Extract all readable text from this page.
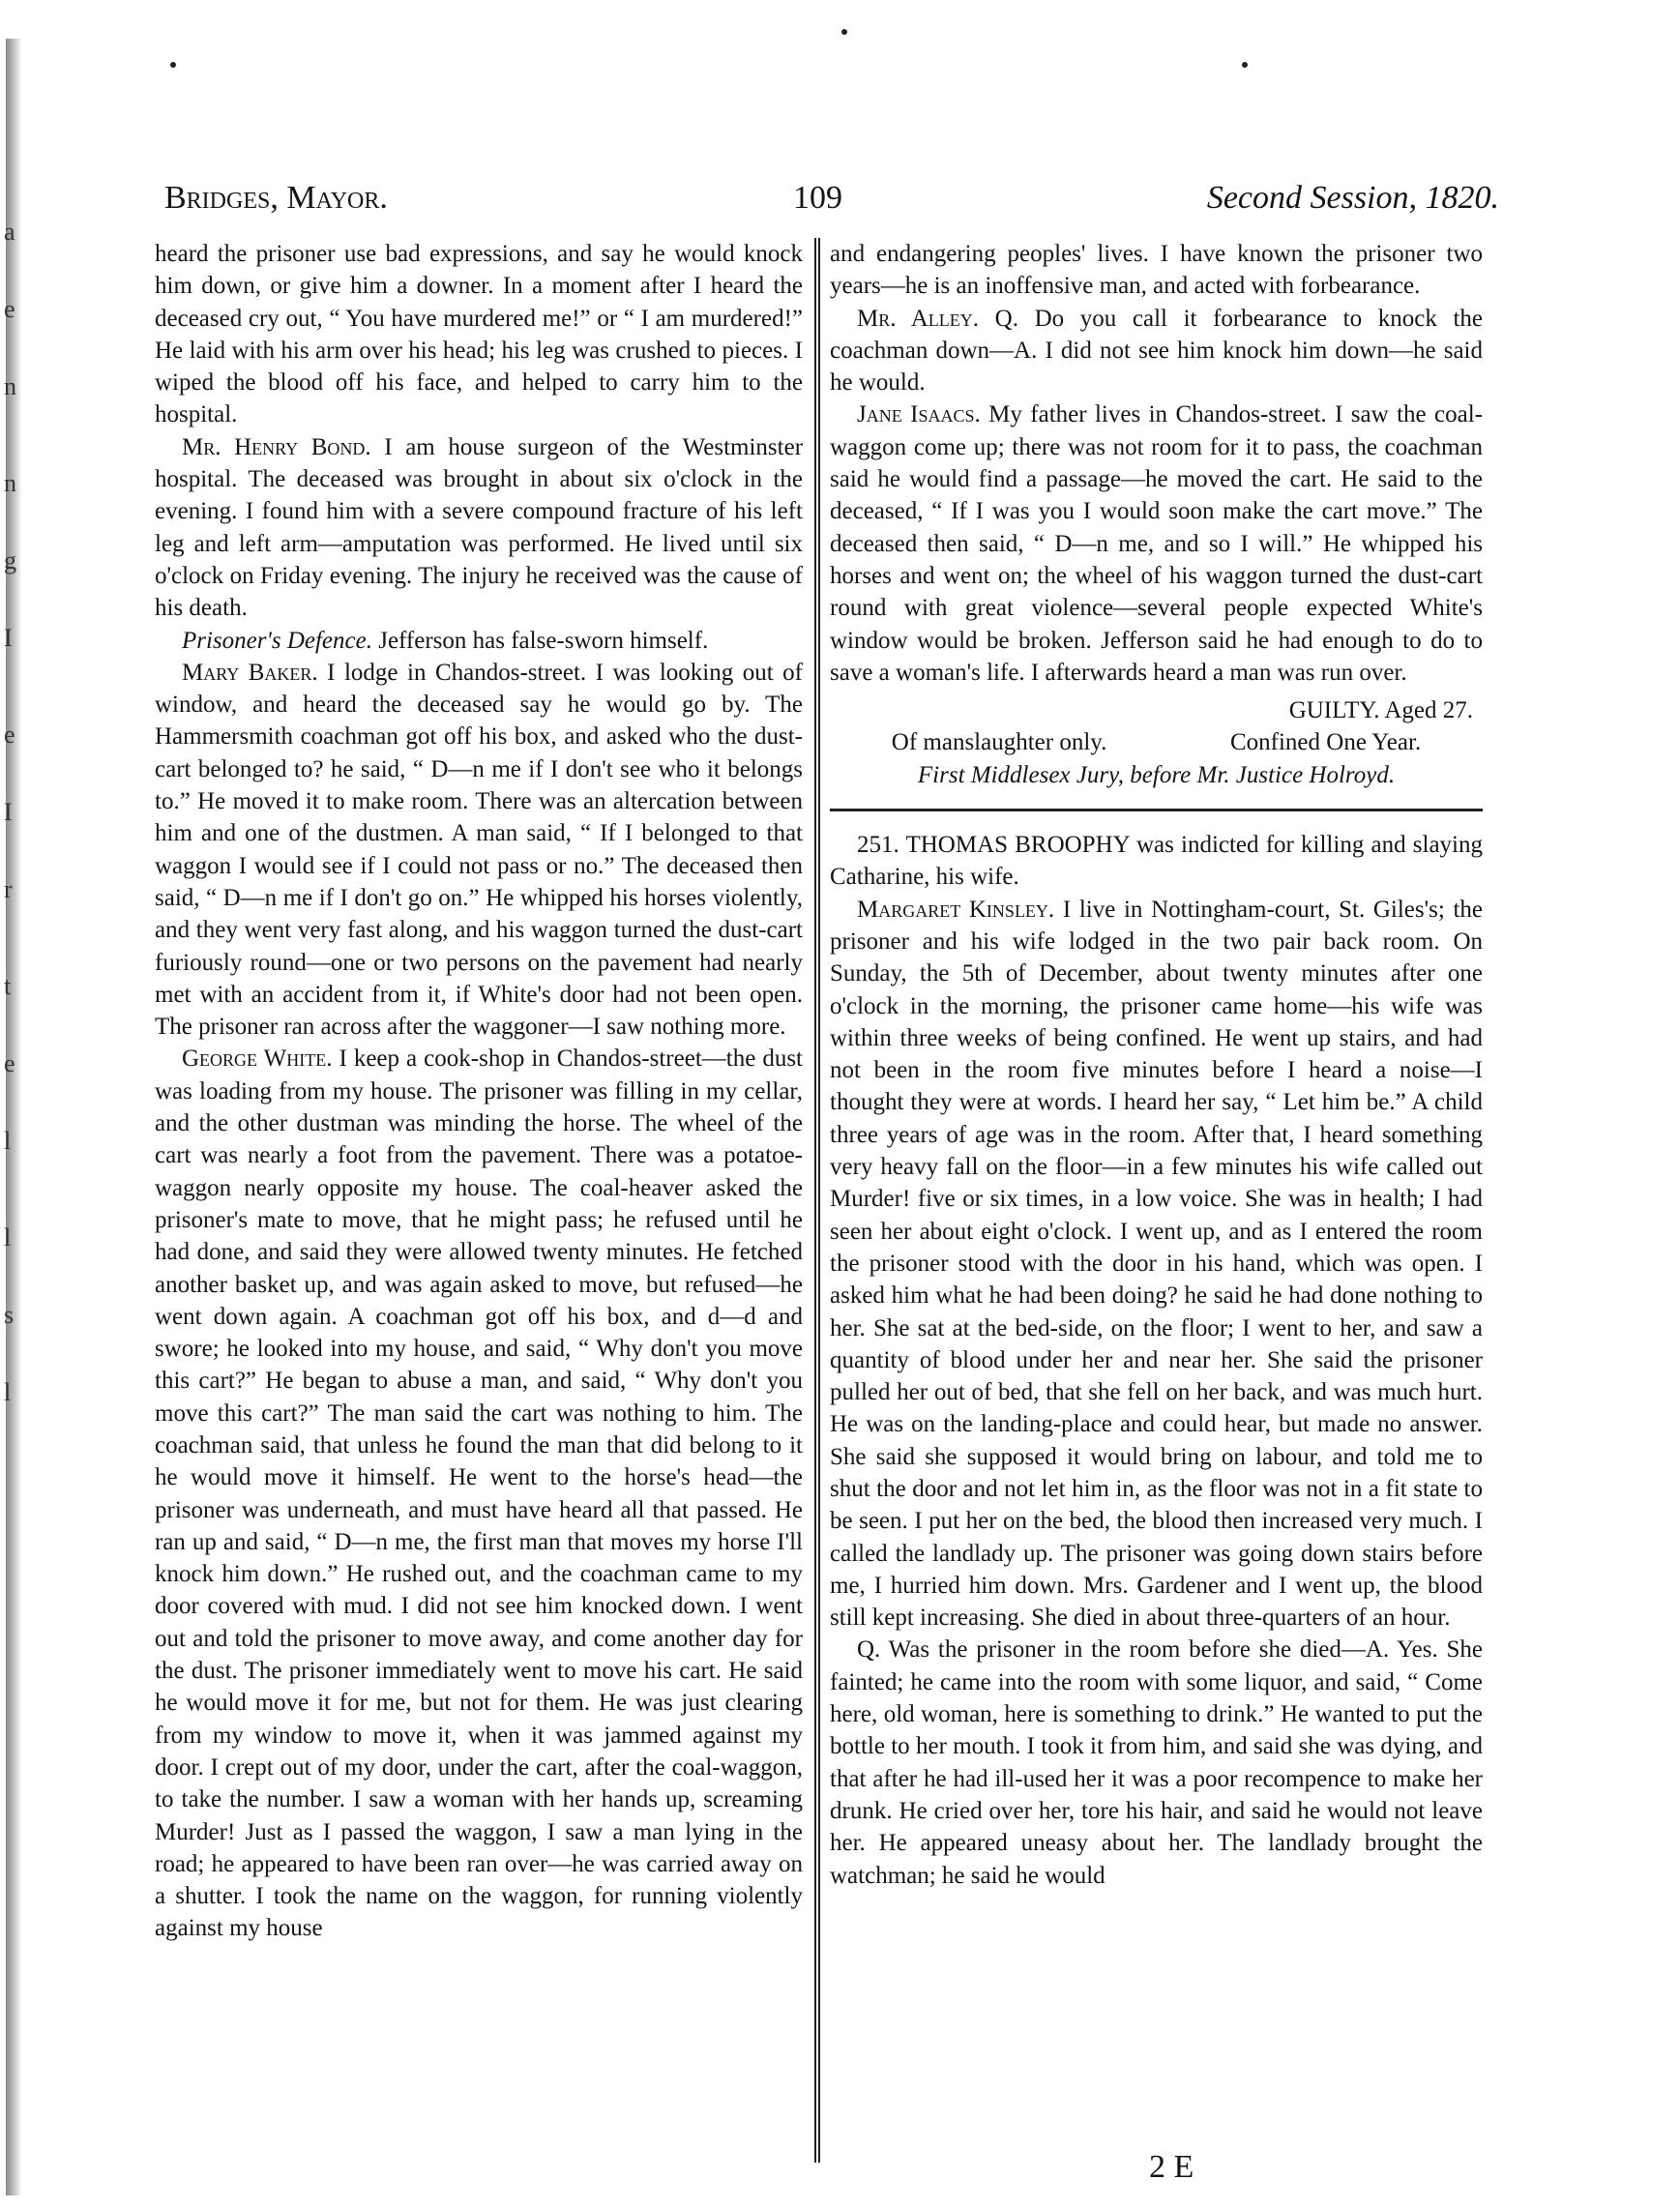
a
e
n
n
g
I
e
I
r
t
e
l
l
s
l
Bridges, Mayor.	109	Second Session, 1820.

heard the prisoner use bad expressions, and say he would knock him down, or give him a downer. In a moment after I heard the deceased cry out, “ You have murdered me!” or “ I am murdered!” He laid with his arm over his head; his leg was crushed to pieces. I wiped the blood off his face, and helped to carry him to the hospital.

Mr. Henry Bond. I am house surgeon of the Westminster hospital. The deceased was brought in about six o'clock in the evening. I found him with a severe compound fracture of his left leg and left arm—amputation was performed. He lived until six o'clock on Friday evening. The injury he received was the cause of his death.

Prisoner's Defence. Jefferson has false-sworn himself.

Mary Baker. I lodge in Chandos-street. I was looking out of window, and heard the deceased say he would go by. The Hammersmith coachman got off his box, and asked who the dust-cart belonged to? he said, “ D—n me if I don't see who it belongs to.” He moved it to make room. There was an altercation between him and one of the dustmen. A man said, “ If I belonged to that waggon I would see if I could not pass or no.” The deceased then said, “ D—n me if I don't go on.” He whipped his horses violently, and they went very fast along, and his waggon turned the dust-cart furiously round—one or two persons on the pavement had nearly met with an accident from it, if White's door had not been open. The prisoner ran across after the waggoner—I saw nothing more.

George White. I keep a cook-shop in Chandos-street—the dust was loading from my house. The prisoner was filling in my cellar, and the other dustman was minding the horse. The wheel of the cart was nearly a foot from the pavement. There was a potatoe-waggon nearly opposite my house. The coal-heaver asked the prisoner's mate to move, that he might pass; he refused until he had done, and said they were allowed twenty minutes. He fetched another basket up, and was again asked to move, but refused—he went down again. A coachman got off his box, and d—d and swore; he looked into my house, and said, “ Why don't you move this cart?” He began to abuse a man, and said, “ Why don't you move this cart?” The man said the cart was nothing to him. The coachman said, that unless he found the man that did belong to it he would move it himself. He went to the horse's head—the prisoner was underneath, and must have heard all that passed. He ran up and said, “ D—n me, the first man that moves my horse I'll knock him down.” He rushed out, and the coachman came to my door covered with mud. I did not see him knocked down. I went out and told the prisoner to move away, and come another day for the dust. The prisoner immediately went to move his cart. He said he would move it for me, but not for them. He was just clearing from my window to move it, when it was jammed against my door. I crept out of my door, under the cart, after the coal-waggon, to take the number. I saw a woman with her hands up, screaming Murder! Just as I passed the waggon, I saw a man lying in the road; he appeared to have been ran over—he was carried away on a shutter. I took the name on the waggon, for running violently against my house

and endangering peoples' lives. I have known the prisoner two years—he is an inoffensive man, and acted with forbearance.

Mr. Alley. Q. Do you call it forbearance to knock the coachman down—A. I did not see him knock him down—he said he would.

Jane Isaacs. My father lives in Chandos-street. I saw the coal-waggon come up; there was not room for it to pass, the coachman said he would find a passage—he moved the cart. He said to the deceased, “ If I was you I would soon make the cart move.” The deceased then said, “ D—n me, and so I will.” He whipped his horses and went on; the wheel of his waggon turned the dust-cart round with great violence—several people expected White's window would be broken. Jefferson said he had enough to do to save a woman's life. I afterwards heard a man was run over.

GUILTY. Aged 27.

Of manslaughter only.	Confined One Year.

First Middlesex Jury, before Mr. Justice Holroyd.

251. THOMAS BROOPHY was indicted for killing and slaying Catharine, his wife.

Margaret Kinsley. I live in Nottingham-court, St. Giles's; the prisoner and his wife lodged in the two pair back room. On Sunday, the 5th of December, about twenty minutes after one o'clock in the morning, the prisoner came home—his wife was within three weeks of being confined. He went up stairs, and had not been in the room five minutes before I heard a noise—I thought they were at words. I heard her say, “ Let him be.” A child three years of age was in the room. After that, I heard something very heavy fall on the floor—in a few minutes his wife called out Murder! five or six times, in a low voice. She was in health; I had seen her about eight o'clock. I went up, and as I entered the room the prisoner stood with the door in his hand, which was open. I asked him what he had been doing? he said he had done nothing to her. She sat at the bed-side, on the floor; I went to her, and saw a quantity of blood under her and near her. She said the prisoner pulled her out of bed, that she fell on her back, and was much hurt. He was on the landing-place and could hear, but made no answer. She said she supposed it would bring on labour, and told me to shut the door and not let him in, as the floor was not in a fit state to be seen. I put her on the bed, the blood then increased very much. I called the landlady up. The prisoner was going down stairs before me, I hurried him down. Mrs. Gardener and I went up, the blood still kept increasing. She died in about three-quarters of an hour.

Q. Was the prisoner in the room before she died—A. Yes. She fainted; he came into the room with some liquor, and said, “ Come here, old woman, here is something to drink.” He wanted to put the bottle to her mouth. I took it from him, and said she was dying, and that after he had ill-used her it was a poor recompence to make her drunk. He cried over her, tore his hair, and said he would not leave her. He appeared uneasy about her. The landlady brought the watchman; he said he would

2 E
